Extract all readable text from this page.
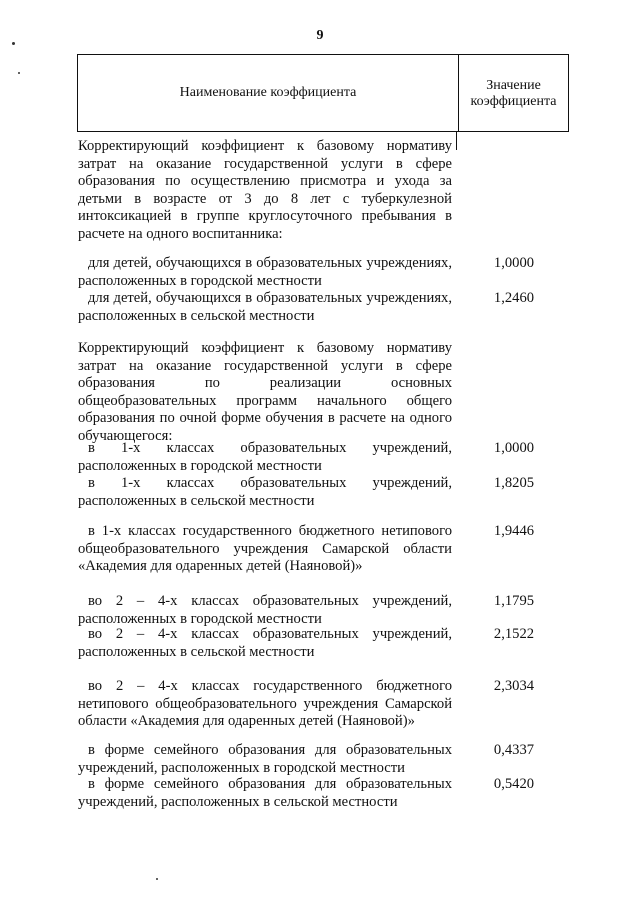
9
Наименование коэффициента	Значение
коэффициента

Корректирующий коэффициент к базовому нормативу затрат на оказание государственной услуги в сфере образования по осуществлению присмотра и ухода за детьми в возрасте от 3 до 8 лет с туберкулезной интоксикацией в группе круглосуточного пребывания в расчете на одного воспитанника:

для детей, обучающихся в образовательных учреждениях, расположенных в городской местности

1,0000

для детей, обучающихся в образовательных учреждениях, расположенных в сельской местности

1,2460

Корректирующий коэффициент к базовому нормативу затрат на оказание государственной услуги в сфере образования по реализации основных общеобразовательных программ начального общего образования по очной форме обучения в расчете на одного обучающегося:

в 1-х классах образовательных учреждений, расположенных в городской местности

1,0000

в 1-х классах образовательных учреждений, расположенных в сельской местности

1,8205

в 1-х классах государственного бюджетного нетипового общеобразовательного учреждения Самарской области «Академия для одаренных детей (Наяновой)»

1,9446

во 2 – 4-х классах образовательных учреждений, расположенных в городской местности

1,1795

во 2 – 4-х классах образовательных учреждений, расположенных в сельской местности

2,1522

во 2 – 4-х классах государственного бюджетного нетипового общеобразовательного учреждения Самарской области «Академия для одаренных детей (Наяновой)»

2,3034

в форме семейного образования для образовательных учреждений, расположенных в городской местности

0,4337

в форме семейного образования для образовательных учреждений, расположенных в сельской местности

0,5420
